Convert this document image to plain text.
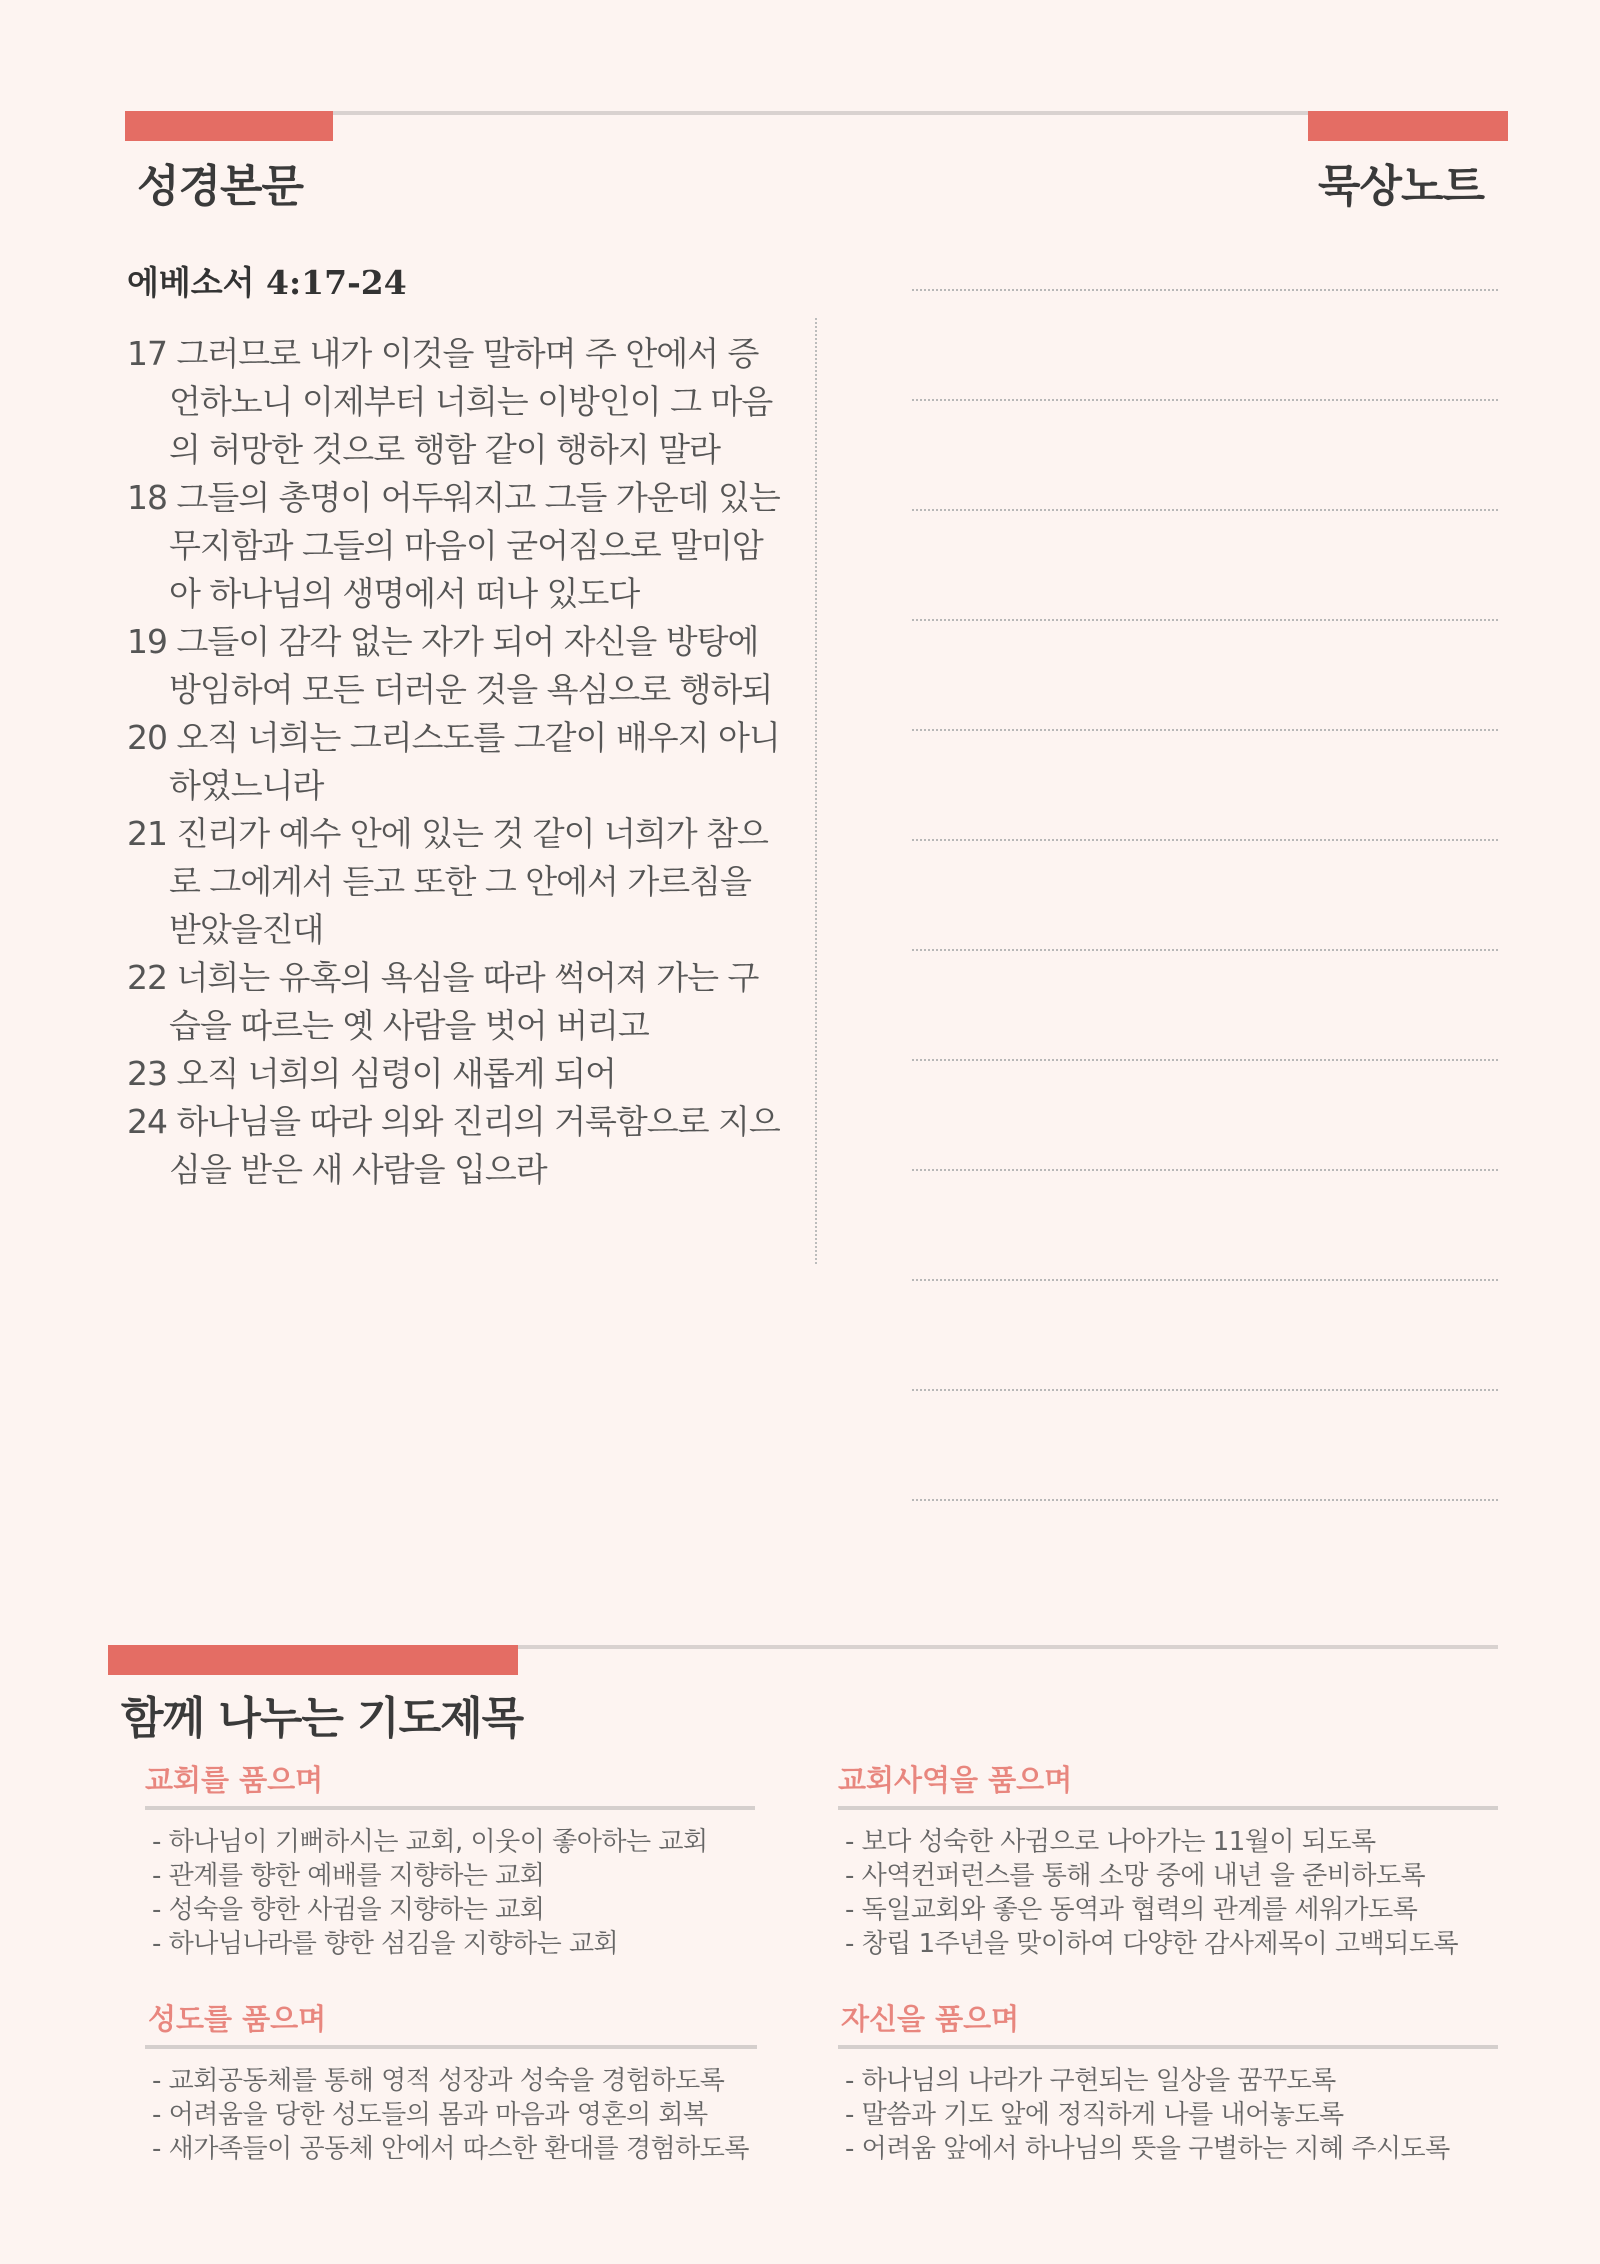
성경본문	묵상노트
에베소서 4:17-24
17 그러므로 내가 이것을 말하며 주 안에서 증언하노니 이제부터 너희는 이방인이 그 마음의 허망한 것으로 행함 같이 행하지 말라
18 그들의 총명이 어두워지고 그들 가운데 있는 무지함과 그들의 마음이 굳어짐으로 말미암아 하나님의 생명에서 떠나 있도다
19 그들이 감각 없는 자가 되어 자신을 방탕에 방임하여 모든 더러운 것을 욕심으로 행하되
20 오직 너희는 그리스도를 그같이 배우지 아니하였느니라
21 진리가 예수 안에 있는 것 같이 너희가 참으로 그에게서 듣고 또한 그 안에서 가르침을 받았을진대
22 너희는 유혹의 욕심을 따라 썩어져 가는 구습을 따르는 옛 사람을 벗어 버리고
23 오직 너희의 심령이 새롭게 되어
24 하나님을 따라 의와 진리의 거룩함으로 지으심을 받은 새 사람을 입으라
함께 나누는 기도제목
교회를 품으며
- 하나님이 기뻐하시는 교회, 이웃이 좋아하는 교회
- 관계를 향한 예배를 지향하는 교회
- 성숙을 향한 사귐을 지향하는 교회
- 하나님나라를 향한 섬김을 지향하는 교회
교회사역을 품으며
- 보다 성숙한 사귐으로 나아가는 11월이 되도록
- 사역컨퍼런스를 통해 소망 중에 내년 을 준비하도록
- 독일교회와 좋은 동역과 협력의 관계를 세워가도록
- 창립 1주년을 맞이하여 다양한 감사제목이 고백되도록
성도를 품으며
- 교회공동체를 통해 영적 성장과 성숙을 경험하도록
- 어려움을 당한 성도들의 몸과 마음과 영혼의 회복
- 새가족들이 공동체 안에서 따스한 환대를 경험하도록
자신을 품으며
- 하나님의 나라가 구현되는 일상을 꿈꾸도록
- 말씀과 기도 앞에 정직하게 나를 내어놓도록
- 어려움 앞에서 하나님의 뜻을 구별하는 지혜 주시도록
